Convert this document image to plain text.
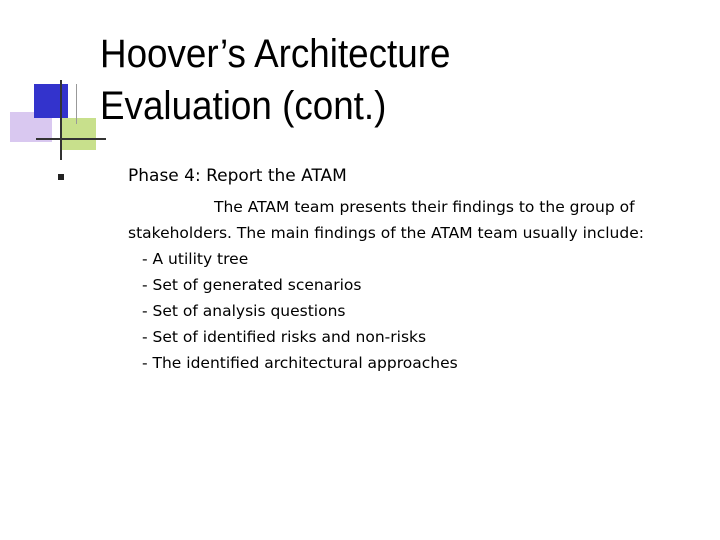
Hoover’s Architecture
Evaluation (cont.)
Phase 4: Report the ATAM
The ATAM team presents their findings to the group of
stakeholders. The main findings of the ATAM team usually include:
- A utility tree
- Set of generated scenarios
- Set of analysis questions
- Set of identified risks and non-risks
- The identified architectural approaches
